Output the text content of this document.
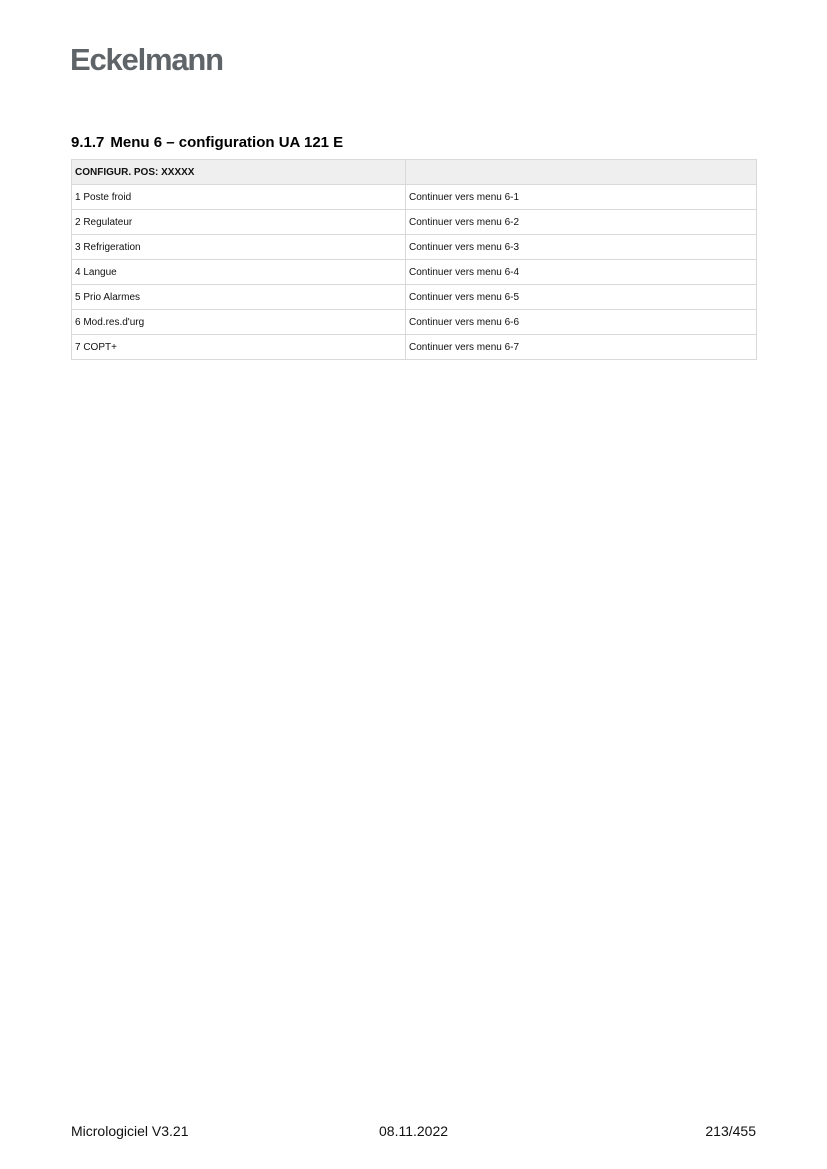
Eckelmann
9.1.7 Menu 6 – configuration UA 121 E
CONFIGUR. POS: XXXXX	
1 Poste froid	Continuer vers menu 6-1
2 Regulateur	Continuer vers menu 6-2
3 Refrigeration	Continuer vers menu 6-3
4 Langue	Continuer vers menu 6-4
5 Prio Alarmes	Continuer vers menu 6-5
6 Mod.res.d'urg	Continuer vers menu 6-6
7 COPT+	Continuer vers menu 6-7
Micrologiciel V3.21	08.11.2022	213/455
